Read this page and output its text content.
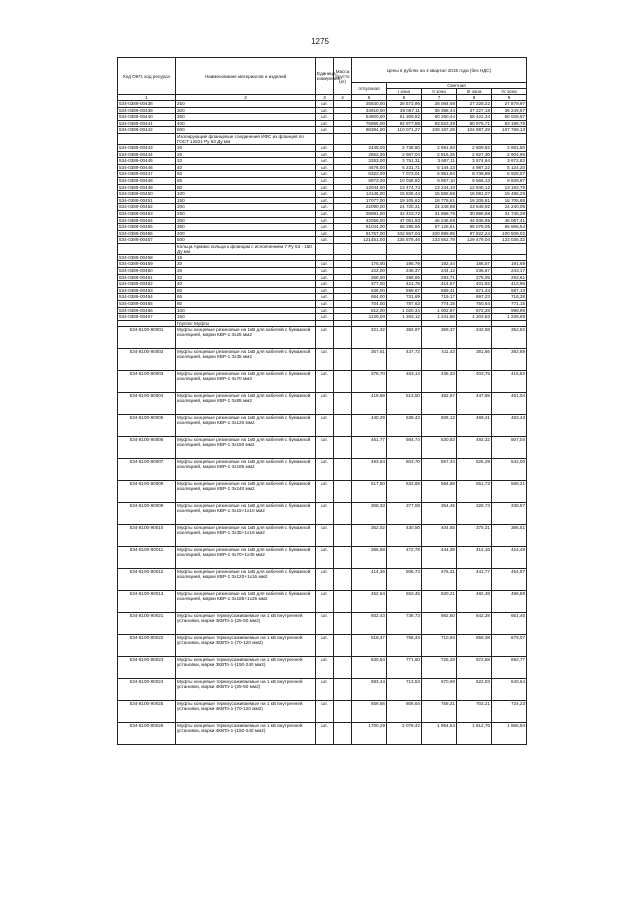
1275
Код ОКП, код ресурса	Наименование материалов и изделий	Единица измерения	Масса брутто (кг)	Цены в рублях на 4 квартал 2015 года (без НДС)				
				отпускная	Сметная			
					I зона	II зона	III зона	IV зона
1	2	3	4	5	6	7	8	9
534-0389-00438	250	шт.		25540,00	28 573,96	28 084,68	27 228,22	27 879,97
534-0389-00439	300	шт.		34919,00	39 067,11	38 398,44	37 227,18	38 249,57
534-0389-00440	350	шт.		54800,00	61 309,82	60 260,44	58 422,34	60 028,97
534-0389-00441	400	шт.		75955,00	84 977,88	83 523,39	80 975,71	83 198,79
534-0389-00442	500	шт.		98384,00	110 071,27	108 187,29	104 887,29	107 768,13
	Изолирующие фланцевые соединения ИФС из фланцев по ГОСТ 12821 Ру 63 Ду мм							
534-0389-00443	20	шт.		2448,00	2 738,80	2 691,93	2 609,82	2 681,50
534-0389-00444	25	шт.		2652,00	2 967,04	2 916,25	2 827,30	2 904,95
534-0389-00445	32	шт.		3353,00	3 751,31	3 687,11	3 574,64	3 672,82
534-0389-00446	40	шт.		4676,00	5 231,71	5 144,13	4 987,22	5 124,20
534-0389-00447	50	шт.		6322,00	7 073,01	6 951,94	6 739,89	6 925,07
534-0389-00448	65	шт.		8973,00	10 038,92	9 867,10	9 566,13	9 828,87
534-0389-00449	80	шт.		12044,00	13 474,74	13 244,10	12 840,12	13 192,79
534-0389-00450	100	шт.		14146,00	15 826,44	15 555,55	15 081,07	15 495,28
534-0389-00451	150	шт.		17077,00	19 105,62	18 778,61	18 205,81	18 705,85
534-0389-00452	200	шт.		22090,00	24 720,31	24 249,98	23 549,92	24 240,08
534-0389-00453	250	шт.		28981,00	32 423,72	31 868,76	30 896,68	31 745,28
534-0389-00454	300	шт.		42056,00	47 051,93	46 246,59	44 835,95	46 067,41
534-0389-00455	350	шт.		61044,00	68 295,56	67 126,61	65 079,05	66 866,54
534-0389-00456	400	шт.		91757,00	102 657,04	100 899,95	97 822,24	100 509,02
534-0389-00457	500	шт.		121451,00	135 878,46	133 552,78	129 479,04	133 035,32
	Кольца Армако кольца к фланцам с исполнением 7 Ру 63 - 160 Ду мм							
534-0389-00458	15							
534-0389-00459	20	шт.		175,00	195,79	192,44	186,57	191,69
534-0389-00460	25	шт.		222,00	248,37	244,12	236,67	243,17
534-0389-00461	32	шт.		258,00	288,65	283,71	275,05	282,61
534-0389-00462	40	шт.		377,00	421,78	414,57	401,92	412,96
534-0389-00463	50	шт.		536,00	599,67	589,41	571,43	587,13
534-0389-00464	65	шт.		654,00	731,69	719,17	697,23	716,38
534-0389-00465	80	шт.		704,00	787,63	774,15	750,54	771,15
534-0389-00466	100	шт.		912,00	1 020,34	1 002,87	972,28	998,99
534-0389-00467	150	шт.		1129,00	1 263,12	1 241,50	1 203,63	1 236,69
	Группа: Муфты							
534-8100-90001	Муфты концевые резиновые на 1кВ для кабелей с бумажной изоляцией, марки КВР-1 3х25 мм2	шт.		321,32	392,97	369,37	342,58	352,82
534-8100-90002	Муфты концевые резиновые на 1кВ для кабелей с бумажной изоляцией, марки КВР-1 3х35 мм2	шт.		357,61	437,72	411,43	381,56	392,89
534-8100-90003	Муфты концевые резиновые на 1кВ для кабелей с бумажной изоляцией, марки КВР-1 3х70 мм2	шт.		378,70	463,14	435,33	403,75	415,82
534-8100-90004	Муфты концевые резиновые на 1кВ для кабелей с бумажной изоляцией, марки КВР-1 3х95 мм2	шт.		419,88	513,50	482,67	447,65	461,04
534-8100-90005	Муфты концевые резиновые на 1кВ для кабелей с бумажной изоляцией, марки КВР-1 3х120 мм2	шт.		440,29	538,43	506,12	469,41	483,43
534-8100-90006	Муфты концевые резиновые на 1кВ для кабелей с бумажной изоляцией, марки КВР-1 3х150 мм2	шт.		461,77	564,74	530,83	492,32	507,04
534-8100-90007	Муфты концевые резиновые на 1кВ для кабелей с бумажной изоляцией, марки КВР-1 3х185 мм2	шт.		493,64	603,70	567,44	526,29	542,00
534-8100-90008	Муфты концевые резиновые на 1кВ для кабелей с бумажной изоляцией, марки КВР-1 3х240 мм2	шт.		517,50	632,88	594,88	551,73	568,21
534-8100-90009	Муфты концевые резиновые на 1кВ для кабелей с бумажной изоляцией, марки КВР-1 3х15+1х10 мм2	шт.		308,33	377,08	354,45	328,73	338,57
534-8100-90010	Муфты концевые резиновые на 1кВ для кабелей с бумажной изоляцией, марки КВР-1 3х35+1х16 мм2	шт.		352,02	430,50	404,65	375,31	386,51
534-8100-90011	Муфты концевые резиновые на 1кВ для кабелей с бумажной изоляцией, марки КВР-1 3х70+1х35 мм2	шт.		386,58	472,78	444,39	412,16	424,48
534-8100-90012	Муфты концевые резиновые на 1кВ для кабелей с бумажной изоляцией, марки КВР-1 3х120+1х16 мм2	шт.		414,36	506,74	476,31	441,77	454,97
534-8100-90013	Муфты концевые резиновые на 1кВ для кабелей с бумажной изоляцией, марки КВР-1 3х185+1х25 мм2	шт.		452,54	553,45	520,21	482,48	496,89
534-8100-90021	Муфты концевые термоусаживаемые на 1 кВ внутренней установки, марки 3КВТп-1-(25-50 мм2)	шт.		602,43	736,73	692,50	642,28	661,46
534-8100-90022	Муфты концевые термоусаживаемые на 1 кВ внутренней установки, марки 3КВТп-1-(70-120 мм2)	шт.		618,47	756,34	710,93	659,38	679,07
534-8100-90023	Муфты концевые термоусаживаемые на 1 кВ внутренней установки, марки 3КВТп-1-(150-240 мм2)	шт.		630,94	771,60	725,28	672,68	692,77
534-8100-90024	Муфты концевые термоусаживаемые на 1 кВ внутренней установки, марки 4КВТп-1-(25-50 мм2)	шт.		583,44	713,53	670,69	622,03	640,64
534-8100-90025	Муфты концевые термоусаживаемые на 1 кВ внутренней установки, марки 4КВТп-1-(70-120 мм2)	шт.		659,56	806,64	758,21	703,21	724,23
534-8100-90026	Муфты концевые термоусаживаемые на 1 кВ внутренней установки, марки 4КВТп-1-(150-240 мм2)	шт.		1700,29	2 079,42	1 954,54	1 812,76	1 866,94
